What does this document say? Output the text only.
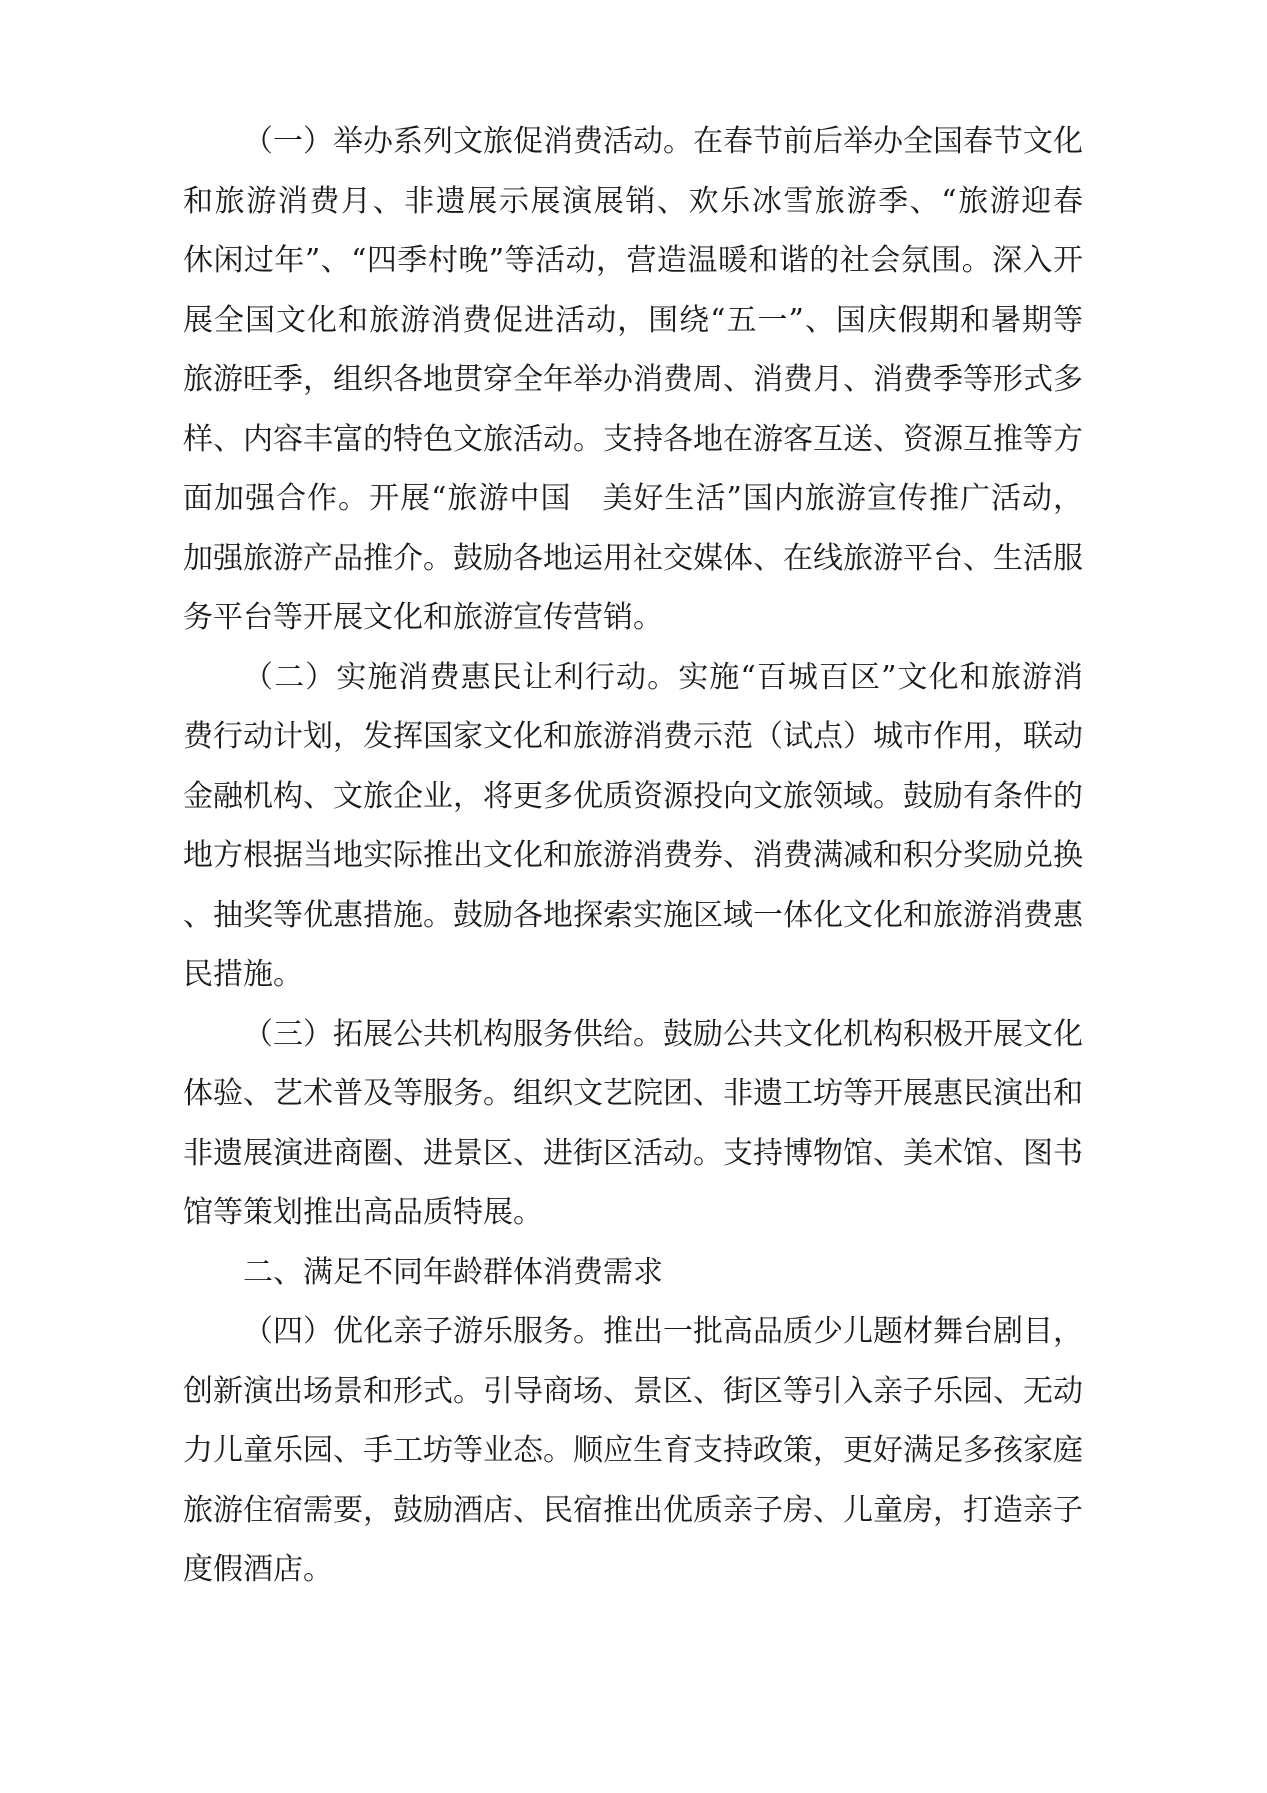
（一）举办系列文旅促消费活动。在春节前后举办全国春节文化和旅游消费月、非遗展示展演展销、欢乐冰雪旅游季、“旅游迎春　休闲过年”、“四季村晚”等活动，营造温暖和谐的社会氛围。深入开展全国文化和旅游消费促进活动，围绕“五一”、国庆假期和暑期等旅游旺季，组织各地贯穿全年举办消费周、消费月、消费季等形式多样、内容丰富的特色文旅活动。支持各地在游客互送、资源互推等方面加强合作。开展“旅游中国　美好生活”国内旅游宣传推广活动，加强旅游产品推介。鼓励各地运用社交媒体、在线旅游平台、生活服务平台等开展文化和旅游宣传营销。

（二）实施消费惠民让利行动。实施“百城百区”文化和旅游消费行动计划，发挥国家文化和旅游消费示范（试点）城市作用，联动金融机构、文旅企业，将更多优质资源投向文旅领域。鼓励有条件的地方根据当地实际推出文化和旅游消费券、消费满减和积分奖励兑换、抽奖等优惠措施。鼓励各地探索实施区域一体化文化和旅游消费惠民措施。

（三）拓展公共机构服务供给。鼓励公共文化机构积极开展文化体验、艺术普及等服务。组织文艺院团、非遗工坊等开展惠民演出和非遗展演进商圈、进景区、进街区活动。支持博物馆、美术馆、图书馆等策划推出高品质特展。

二、满足不同年龄群体消费需求

（四）优化亲子游乐服务。推出一批高品质少儿题材舞台剧目，创新演出场景和形式。引导商场、景区、街区等引入亲子乐园、无动力儿童乐园、手工坊等业态。顺应生育支持政策，更好满足多孩家庭旅游住宿需要，鼓励酒店、民宿推出优质亲子房、儿童房，打造亲子度假酒店。
